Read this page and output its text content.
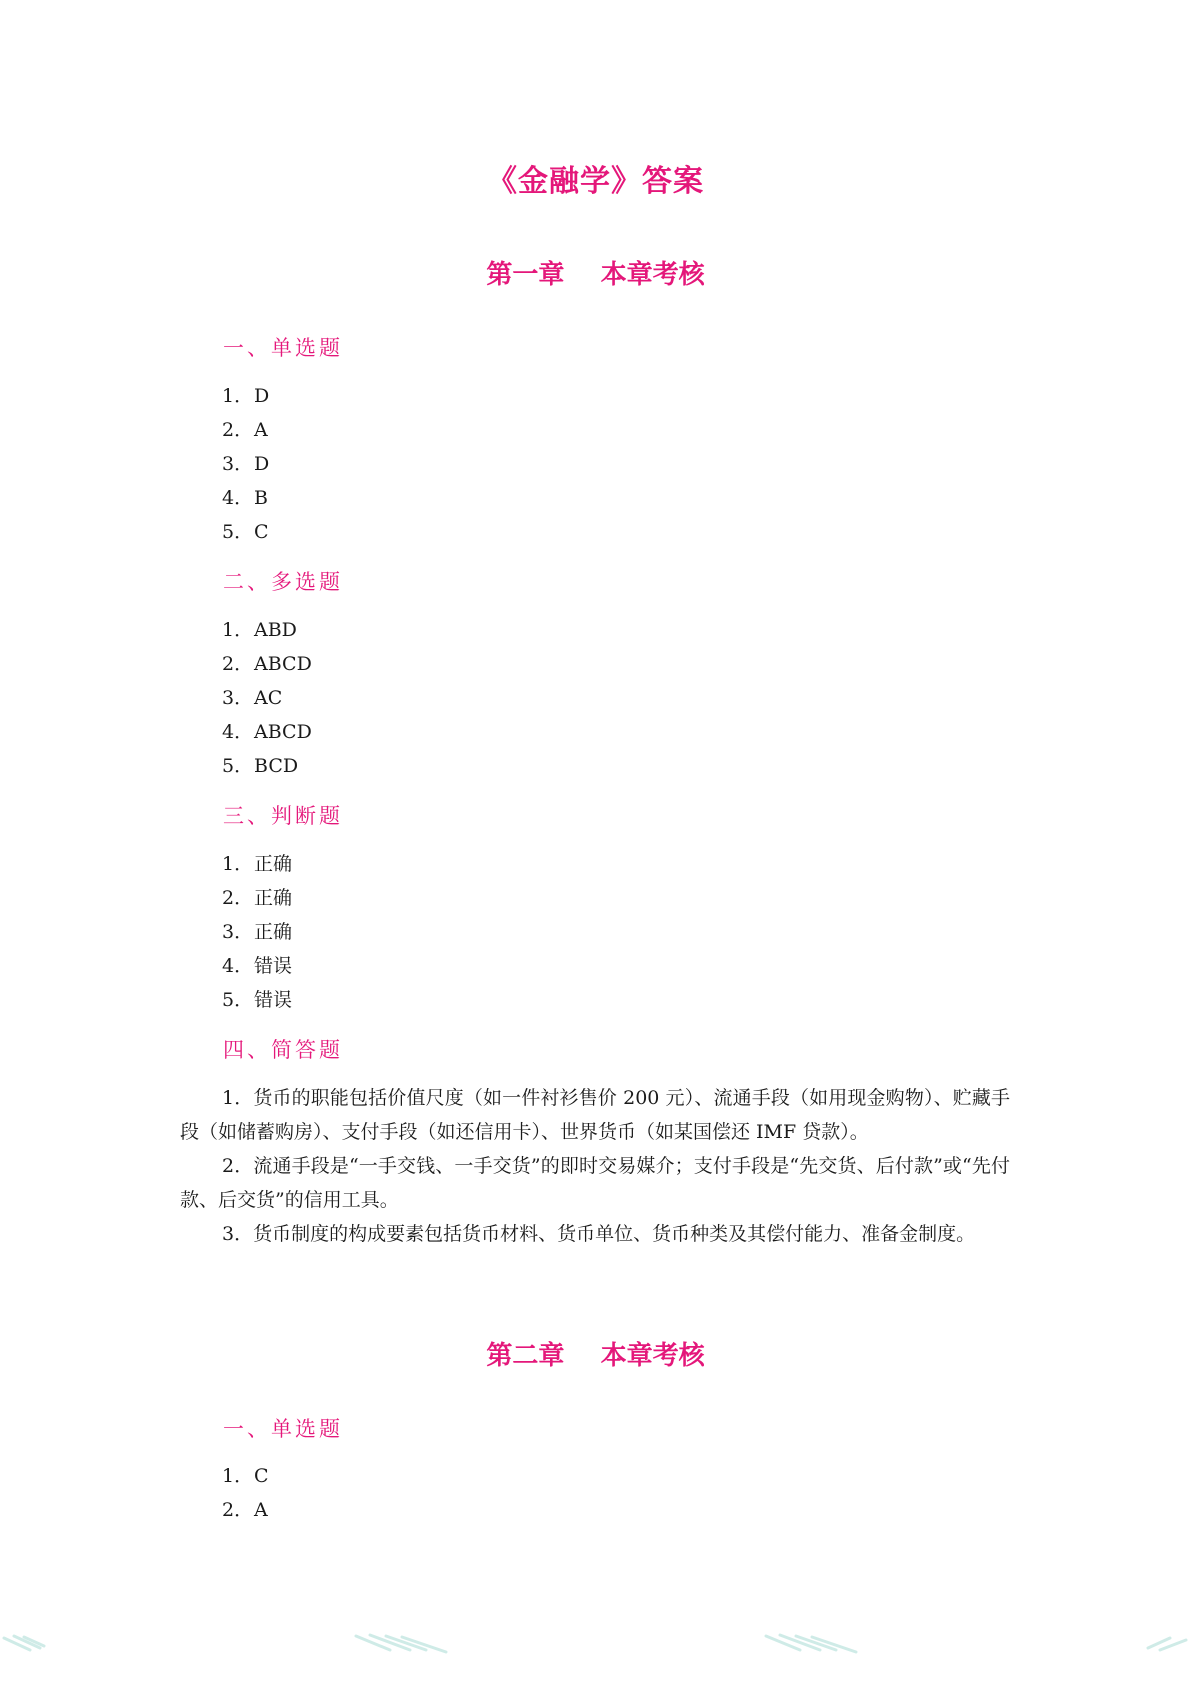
《金融学》答案
第一章    本章考核
一、单选题
1．D
2．A
3．D
4．B
5．C
二、多选题
1．ABD
2．ABCD
3．AC
4．ABCD
5．BCD
三、判断题
1．正确
2．正确
3．正确
4．错误
5．错误
四、简答题

1．货币的职能包括价值尺度（如一件衬衫售价 200 元）、流通手段（如用现金购物）、贮藏手段（如储蓄购房）、支付手段（如还信用卡）、世界货币（如某国偿还 IMF 贷款）。

2．流通手段是“一手交钱、一手交货”的即时交易媒介；支付手段是“先交货、后付款”或“先付款、后交货”的信用工具。

3．货币制度的构成要素包括货币材料、货币单位、货币种类及其偿付能力、准备金制度。

第二章    本章考核
一、单选题
1．C
2．A
